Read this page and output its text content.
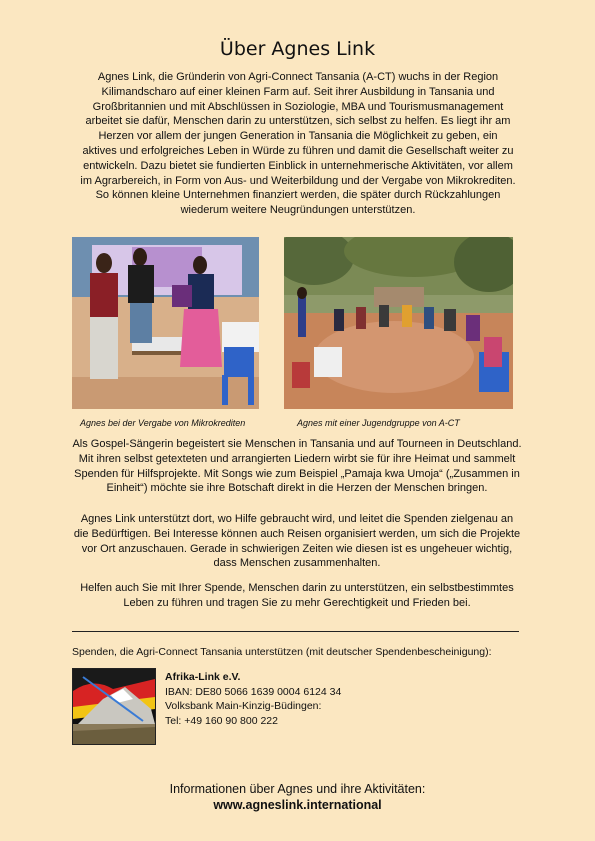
Über Agnes Link

Agnes Link, die Gründerin von Agri-Connect Tansania (A-CT) wuchs in der Region Kilimandscharo auf einer kleinen Farm auf. Seit ihrer Ausbildung in Tansania und Großbritannien und mit Abschlüssen in Soziologie, MBA und Tourismusmanagement arbeitet sie dafür, Menschen darin zu unterstützen, sich selbst zu helfen. Es liegt ihr am Herzen vor allem der jungen Generation in Tansania die Möglichkeit zu geben, ein aktives und erfolgreiches Leben in Würde zu führen und damit die Gesellschaft weiter zu entwickeln. Dazu bietet sie fundierten Einblick in unternehmerische Aktivitäten, vor allem im Agrarbereich, in Form von Aus- und Weiterbildung und der Vergabe von Mikrokrediten. So können kleine Unternehmen finanziert werden, die später durch Rückzahlungen wiederum weitere Neugründungen unterstützen.

Agnes bei der Vergabe von Mikrokrediten	Agnes mit einer Jugendgruppe von A-CT

Als Gospel-Sängerin begeistert sie Menschen in Tansania und auf Tourneen in Deutschland. Mit ihren selbst getexteten und arrangierten Liedern wirbt sie für ihre Heimat und sammelt Spenden für Hilfsprojekte. Mit Songs wie zum Beispiel „Pamaja kwa Umoja“ („Zusammen in Einheit“) möchte sie ihre Botschaft direkt in die Herzen der Menschen bringen.

Agnes Link unterstützt dort, wo Hilfe gebraucht wird, und leitet die Spenden zielgenau an die Bedürftigen. Bei Interesse können auch Reisen organisiert werden, um sich die Projekte vor Ort anzuschauen. Gerade in schwierigen Zeiten wie diesen ist es ungeheuer wichtig, dass Menschen zusammenhalten.

Helfen auch Sie mit Ihrer Spende, Menschen darin zu unterstützen, ein selbstbestimmtes Leben zu führen und tragen Sie zu mehr Gerechtigkeit und Frieden bei.

Spenden, die Agri-Connect Tansania unterstützen (mit deutscher Spendenbescheinigung):

Afrika-Link e.V.
IBAN: DE80 5066 1639 0004 6124 34
Volksbank Main-Kinzig-Büdingen:
Tel: +49 160 90 800 222

Informationen über Agnes und ihre Aktivitäten:

www.agneslink.international
